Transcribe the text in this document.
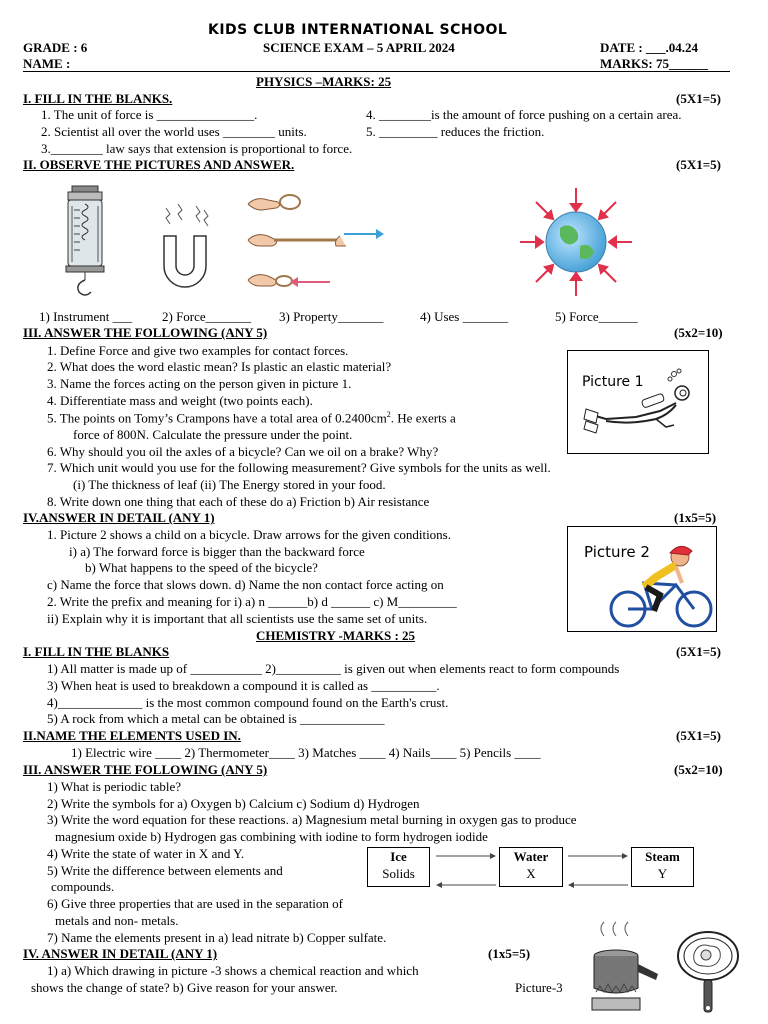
KIDS CLUB INTERNATIONAL SCHOOL
GRADE : 6	SCIENCE EXAM – 5 APRIL 2024	DATE : ___.04.24
NAME :	MARKS: 75______
PHYSICS –MARKS: 25
I. FILL IN THE BLANKS.	(5X1=5)
1. The unit of force is _______________.	4. ________is the amount of force pushing on a certain area.
2. Scientist all over the world uses ________ units.	5. _________ reduces the friction.
3.________ law says that extension is proportional to force.
II. OBSERVE THE PICTURES AND ANSWER.	(5X1=5)
1) Instrument ___ 2) Force_______ 3) Property_______	4) Uses _______	5) Force______
III. ANSWER THE FOLLOWING (ANY 5)	(5x2=10)
1. Define Force and give two examples for contact forces.
2. What does the word elastic mean? Is plastic an elastic material?
3. Name the forces acting on the person given in picture 1.
4. Differentiate mass and weight (two points each).
5. The points on Tomy’s Crampons have a total area of $0.2400cm^2$. He exerts a
force of 800N. Calculate the pressure under the point.
6. Why should you oil the axles of a bicycle? Can we oil on a brake? Why?
7. Which unit would you use for the following measurement? Give symbols for the units as well.
(i) The thickness of leaf (ii) The Energy stored in your food.
8. Write down one thing that each of these do a) Friction b) Air resistance
Picture 1
IV.ANSWER IN DETAIL (ANY 1)	(1x5=5)
1. Picture 2 shows a child on a bicycle. Draw arrows for the given conditions.
i) a) The forward force is bigger than the backward force
b) What happens to the speed of the bicycle?
c) Name the force that slows down. d) Name the non contact force acting on
2. Write the prefix and meaning for i) a) n ______b) d ______ c) M_________
ii) Explain why it is important that all scientists use the same set of units.
Picture 2
CHEMISTRY -MARKS : 25
I. FILL IN THE BLANKS	(5X1=5)
1) All matter is made up of ___________ 2)__________ is given out when elements react to form compounds
3) When heat is used to breakdown a compound it is called as __________.
4)_____________ is the most common compound found on the Earth's crust.
5) A rock from which a metal can be obtained is _____________
II.NAME THE ELEMENTS USED IN.	(5X1=5)
1) Electric wire ____ 2) Thermometer____ 3) Matches ____ 4) Nails____ 5) Pencils ____
III. ANSWER THE FOLLOWING (ANY 5)	(5x2=10)
1) What is periodic table?
2) Write the symbols for a) Oxygen b) Calcium c) Sodium d) Hydrogen
3) Write the word equation for these reactions. a) Magnesium metal burning in oxygen gas to produce
magnesium oxide b) Hydrogen gas combining with iodine to form hydrogen iodide
4) Write the state of water in X and Y.
5) Write the difference between elements and
compounds.
6) Give three properties that are used in the separation of
metals and non- metals.
7) Name the elements present in a) lead nitrate b) Copper sulfate.
Ice
Solids
Water
X
Steam
Y
IV. ANSWER IN DETAIL (ANY 1)	(1x5=5)
1) a) Which drawing in picture -3 shows a chemical reaction and which
shows the change of state? b) Give reason for your answer.	Picture-3
